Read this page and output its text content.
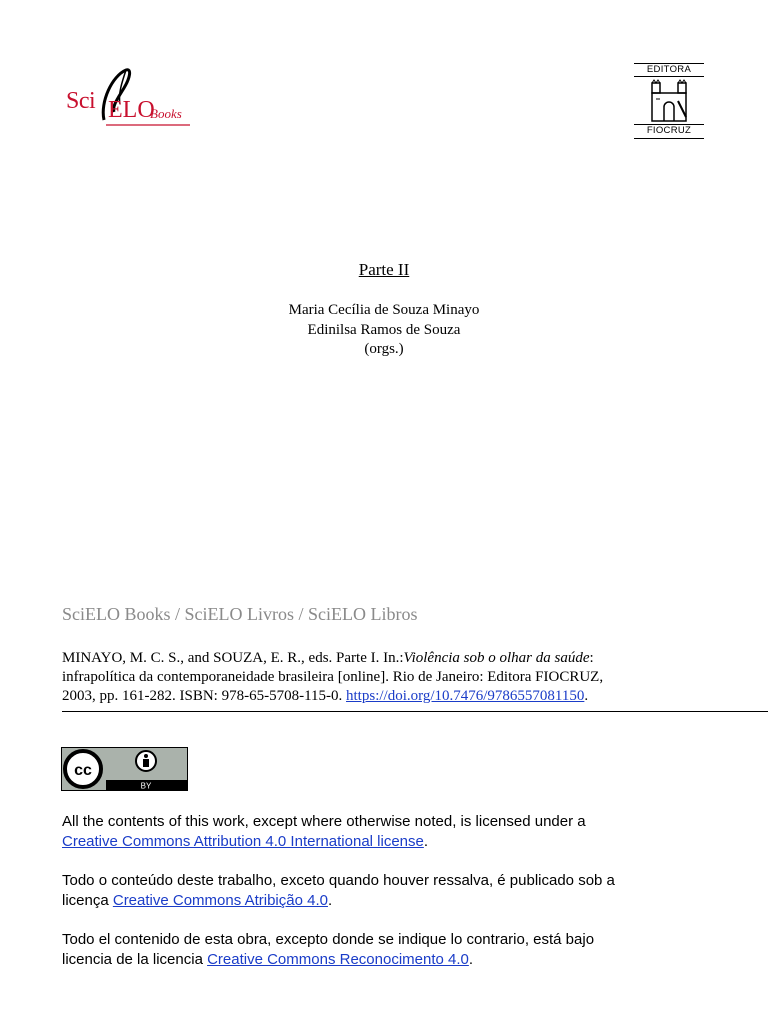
Sci ELO
Books
EDITORA
FIOCRUZ
Parte II
Maria Cecília de Souza Minayo
Edinilsa Ramos de Souza
(orgs.)
SciELO Books / SciELO Livros / SciELO Libros
MINAYO, M. C. S., and SOUZA, E. R., eds. Parte I. In.:Violência sob o olhar da saúde:
infrapolítica da contemporaneidade brasileira [online]. Rio de Janeiro: Editora FIOCRUZ,
2003, pp. 161-282. ISBN: 978-65-5708-115-0. https://doi.org/10.7476/9786557081150.
cc
BY
All the contents of this work, except where otherwise noted, is licensed under a
Creative Commons Attribution 4.0 International license.
Todo o conteúdo deste trabalho, exceto quando houver ressalva, é publicado sob a
licença Creative Commons Atribição 4.0.
Todo el contenido de esta obra, excepto donde se indique lo contrario, está bajo
licencia de la licencia Creative Commons Reconocimento 4.0.
